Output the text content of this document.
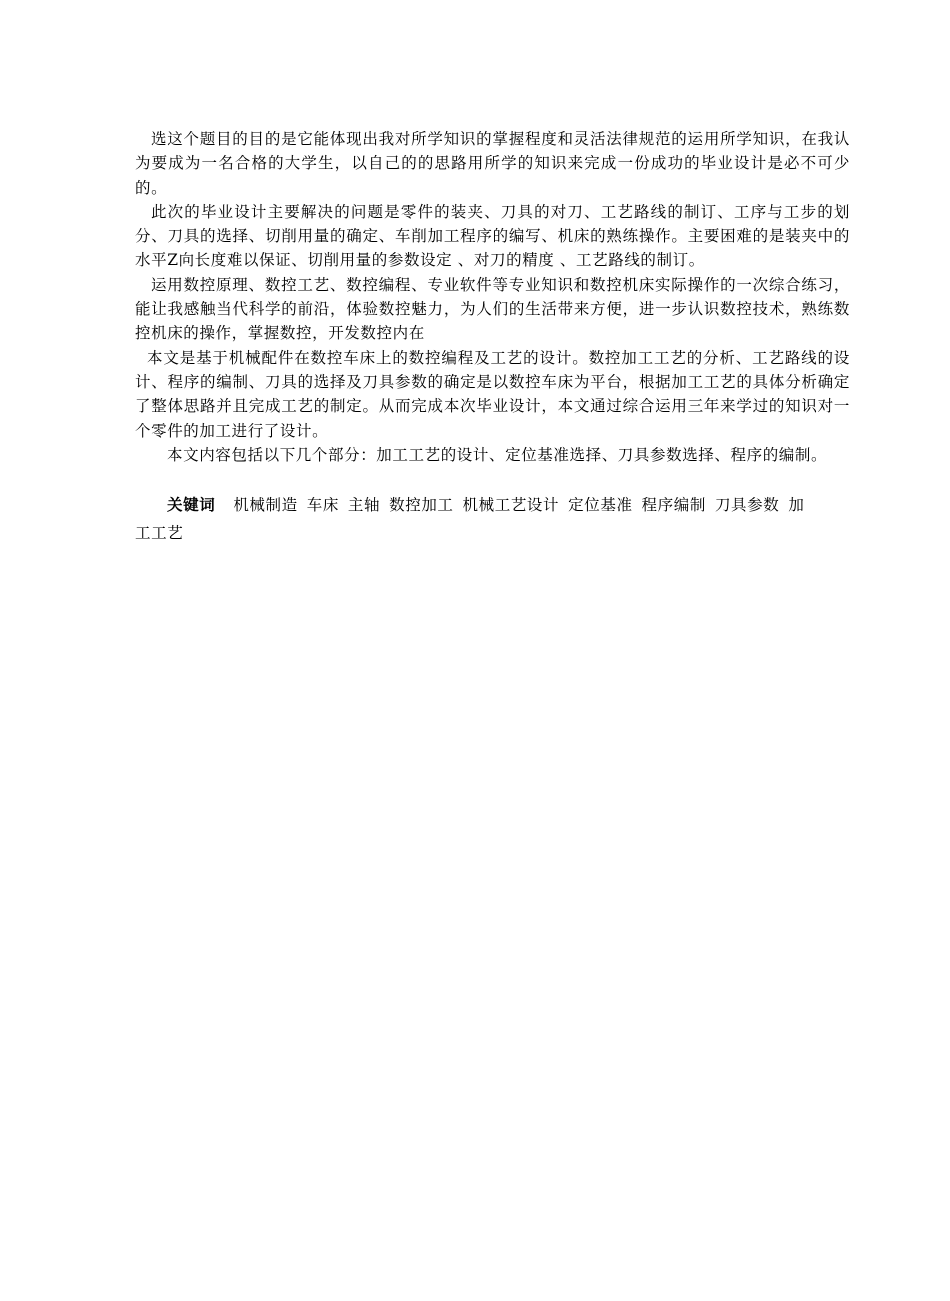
选这个题目的目的是它能体现出我对所学知识的掌握程度和灵活法律规范的运用所学知识，在我认为要成为一名合格的大学生，以自己的的思路用所学的知识来完成一份成功的毕业设计是必不可少的。

此次的毕业设计主要解决的问题是零件的装夹、刀具的对刀、工艺路线的制订、工序与工步的划分、刀具的选择、切削用量的确定、车削加工程序的编写、机床的熟练操作。主要困难的是装夹中的水平Z向长度难以保证、切削用量的参数设定 、对刀的精度 、工艺路线的制订。

运用数控原理、数控工艺、数控编程、专业软件等专业知识和数控机床实际操作的一次综合练习，能让我感触当代科学的前沿，体验数控魅力，为人们的生活带来方便，进一步认识数控技术，熟练数控机床的操作，掌握数控，开发数控内在

本文是基于机械配件在数控车床上的数控编程及工艺的设计。数控加工工艺的分析、工艺路线的设计、程序的编制、刀具的选择及刀具参数的确定是以数控车床为平台，根据加工工艺的具体分析确定了整体思路并且完成工艺的制定。从而完成本次毕业设计，本文通过综合运用三年来学过的知识对一个零件的加工进行了设计。

本文内容包括以下几个部分：加工工艺的设计、定位基准选择、刀具参数选择、程序的编制。

关键词 机械制造 车床 主轴 数控加工 机械工艺设计 定位基准 程序编制 刀具参数 加
工工艺
